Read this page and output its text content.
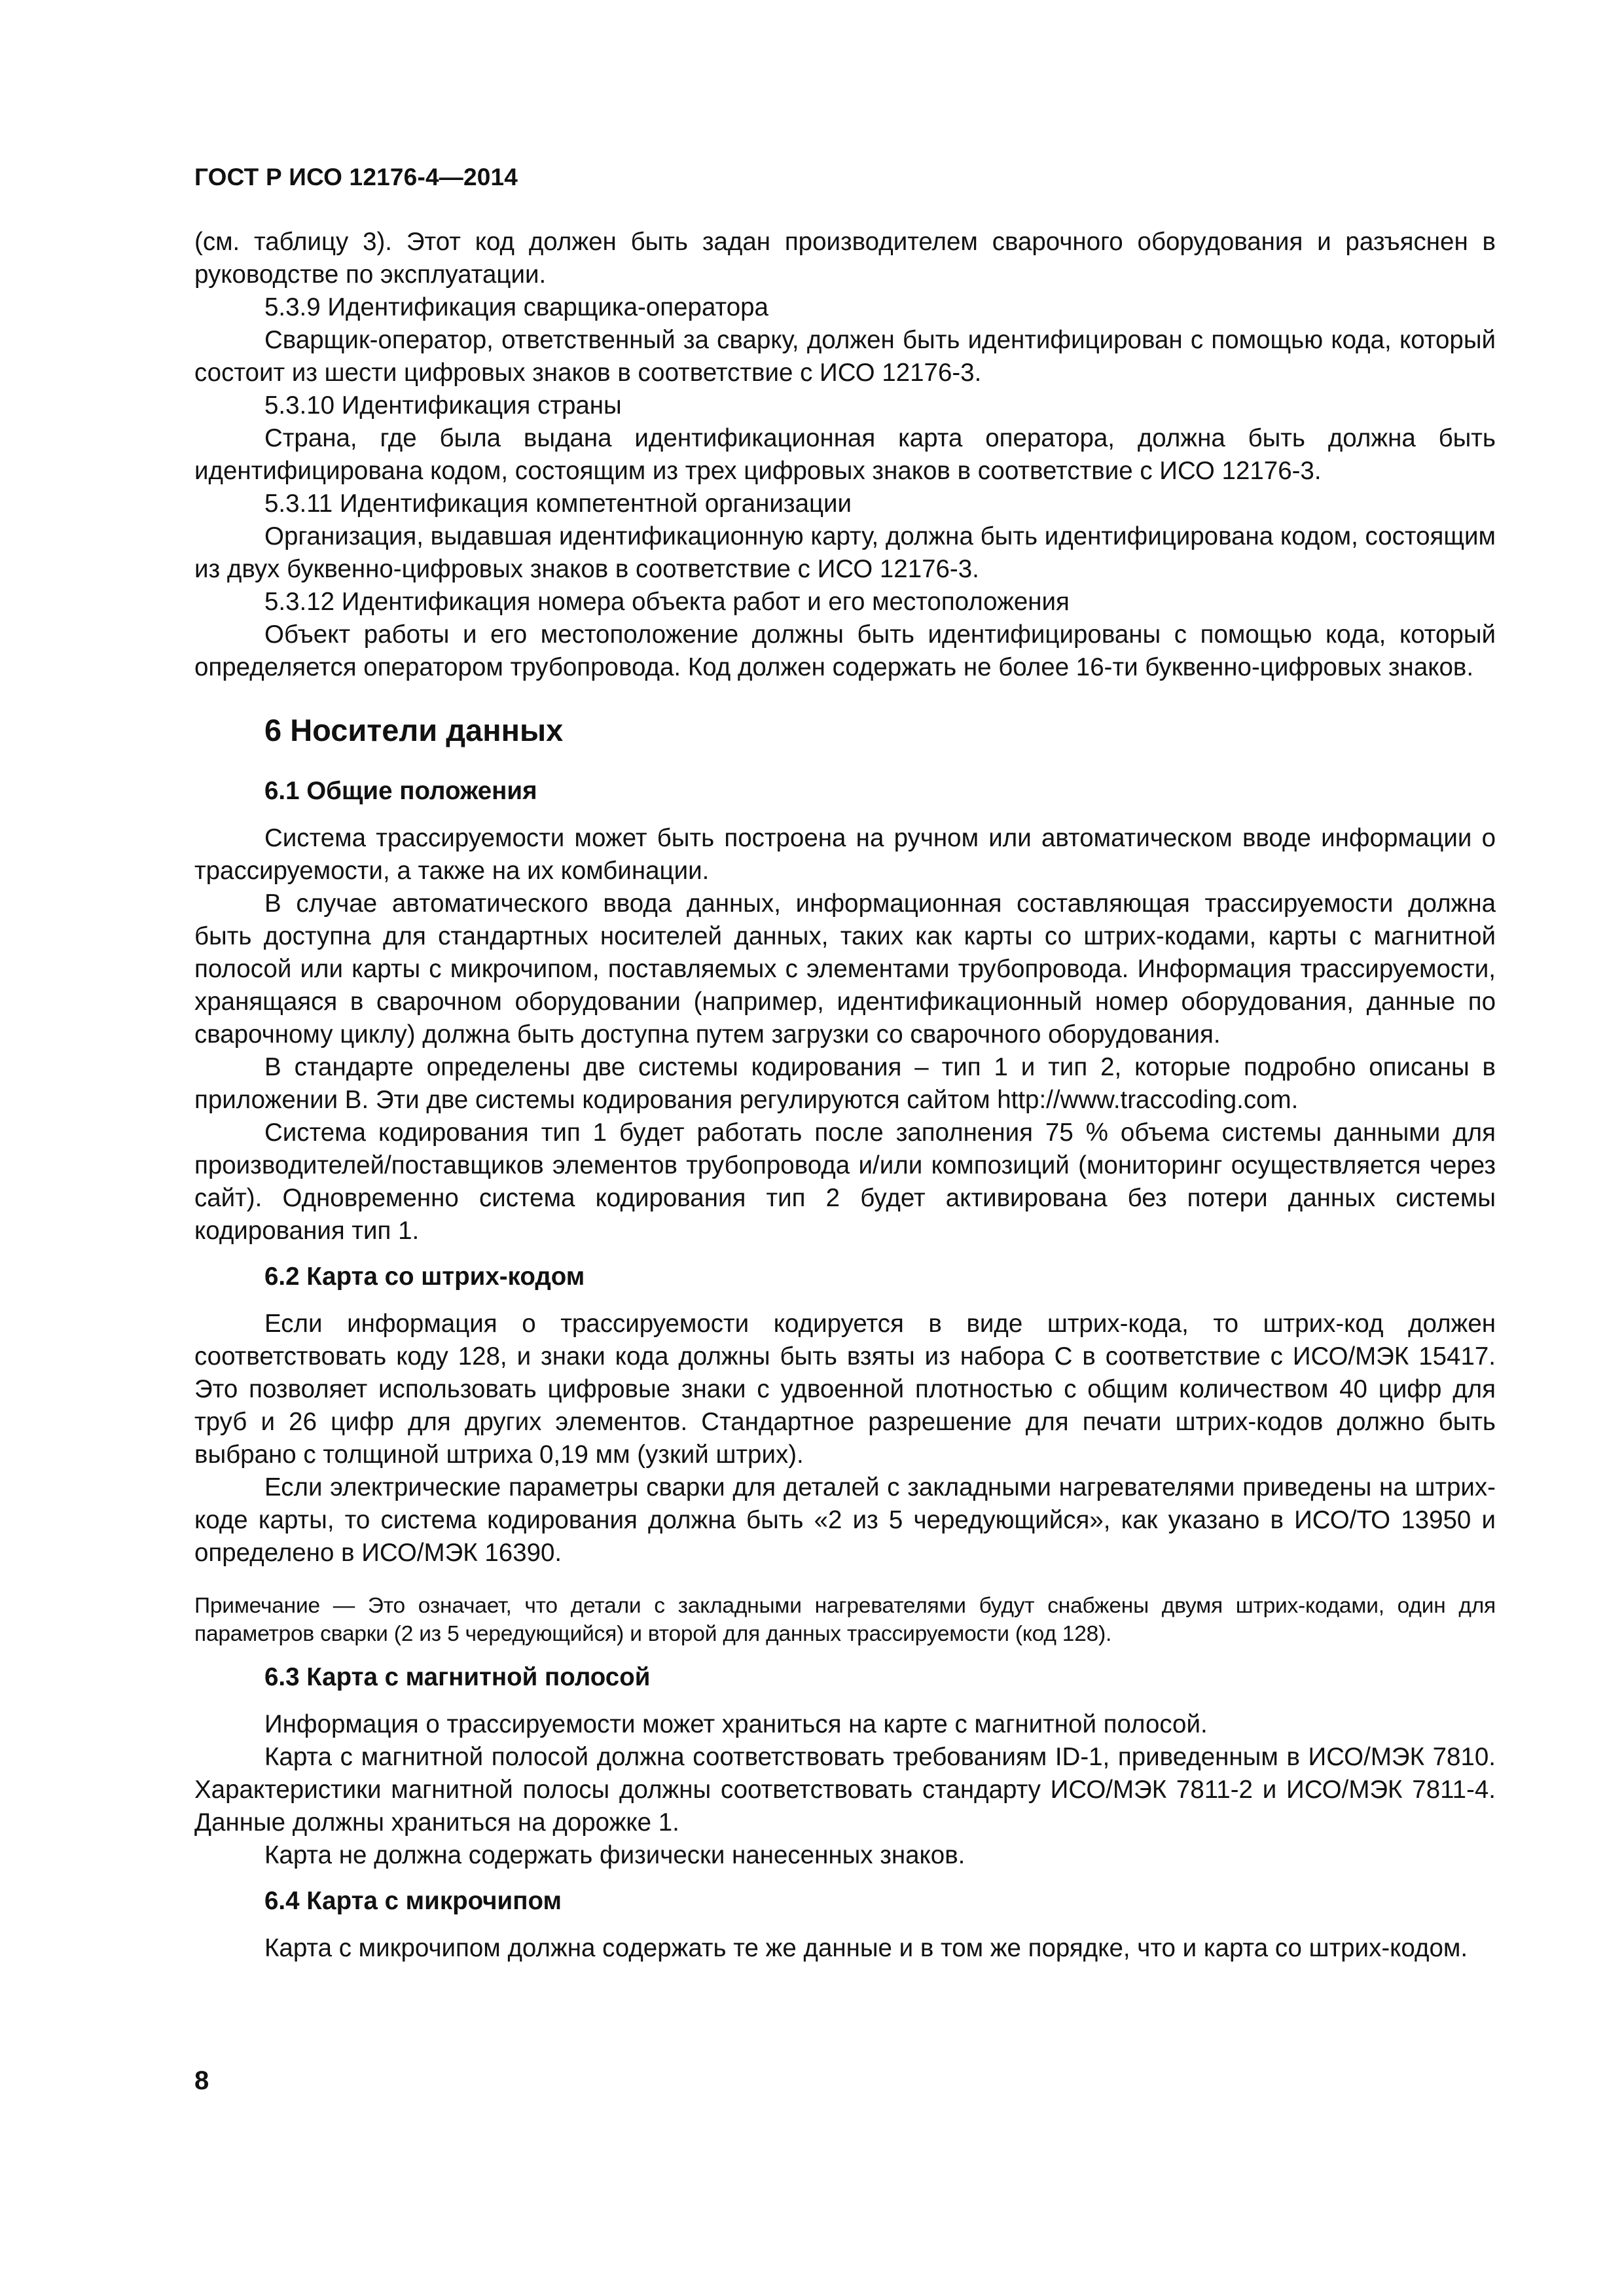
ГОСТ Р ИСО 12176-4—2014

(см. таблицу 3). Этот код должен быть задан производителем сварочного оборудования и разъяснен в руководстве по эксплуатации.

5.3.9 Идентификация сварщика-оператора

Сварщик-оператор, ответственный за сварку, должен быть идентифицирован с помощью кода, который состоит из шести цифровых знаков в соответствие с ИСО 12176-3.

5.3.10 Идентификация страны

Страна, где была выдана идентификационная карта оператора, должна быть должна быть идентифицирована кодом, состоящим из трех цифровых знаков в соответствие с ИСО 12176-3.

5.3.11 Идентификация компетентной организации

Организация, выдавшая идентификационную карту, должна быть идентифицирована кодом, состоящим из двух буквенно-цифровых знаков в соответствие с ИСО 12176-3.

5.3.12 Идентификация номера объекта работ и его местоположения

Объект работы и его местоположение должны быть идентифицированы с помощью кода, который определяется оператором трубопровода. Код должен содержать не более 16-ти буквенно-цифровых знаков.

6 Носители данных
6.1 Общие положения

Система трассируемости может быть построена на ручном или автоматическом вводе информации о трассируемости, а также на их комбинации.

В случае автоматического ввода данных, информационная составляющая трассируемости должна быть доступна для стандартных носителей данных, таких как карты со штрих-кодами, карты с магнитной полосой или карты с микрочипом, поставляемых с элементами трубопровода. Информация трассируемости, хранящаяся в сварочном оборудовании (например, идентификационный номер оборудования, данные по сварочному циклу) должна быть доступна путем загрузки со сварочного оборудования.

В стандарте определены две системы кодирования – тип 1 и тип 2, которые подробно описаны в приложении В. Эти две системы кодирования регулируются сайтом http://www.traccoding.com.

Система кодирования тип 1 будет работать после заполнения 75 % объема системы данными для производителей/поставщиков элементов трубопровода и/или композиций (мониторинг осуществляется через сайт). Одновременно система кодирования тип 2 будет активирована без потери данных системы кодирования тип 1.

6.2 Карта со штрих-кодом

Если информация о трассируемости кодируется в виде штрих-кода, то штрих-код должен соответствовать коду 128, и знаки кода должны быть взяты из набора С в соответствие с ИСО/МЭК 15417. Это позволяет использовать цифровые знаки с удвоенной плотностью с общим количеством 40 цифр для труб и 26 цифр для других элементов. Стандартное разрешение для печати штрих-кодов должно быть выбрано с толщиной штриха 0,19 мм (узкий штрих).

Если электрические параметры сварки для деталей с закладными нагревателями приведены на штрих-коде карты, то система кодирования должна быть «2 из 5 чередующийся», как указано в ИСО/ТО 13950 и определено в ИСО/МЭК 16390.

Примечание — Это означает, что детали с закладными нагревателями будут снабжены двумя штрих-кодами, один для параметров сварки (2 из 5 чередующийся) и второй для данных трассируемости (код 128).

6.3 Карта с магнитной полосой

Информация о трассируемости может храниться на карте с магнитной полосой.

Карта с магнитной полосой должна соответствовать требованиям ID-1, приведенным в ИСО/МЭК 7810. Характеристики магнитной полосы должны соответствовать стандарту ИСО/МЭК 7811-2 и ИСО/МЭК 7811-4. Данные должны храниться на дорожке 1.

Карта не должна содержать физически нанесенных знаков.

6.4 Карта с микрочипом

Карта с микрочипом должна содержать те же данные и в том же порядке, что и карта со штрих-кодом.

8
